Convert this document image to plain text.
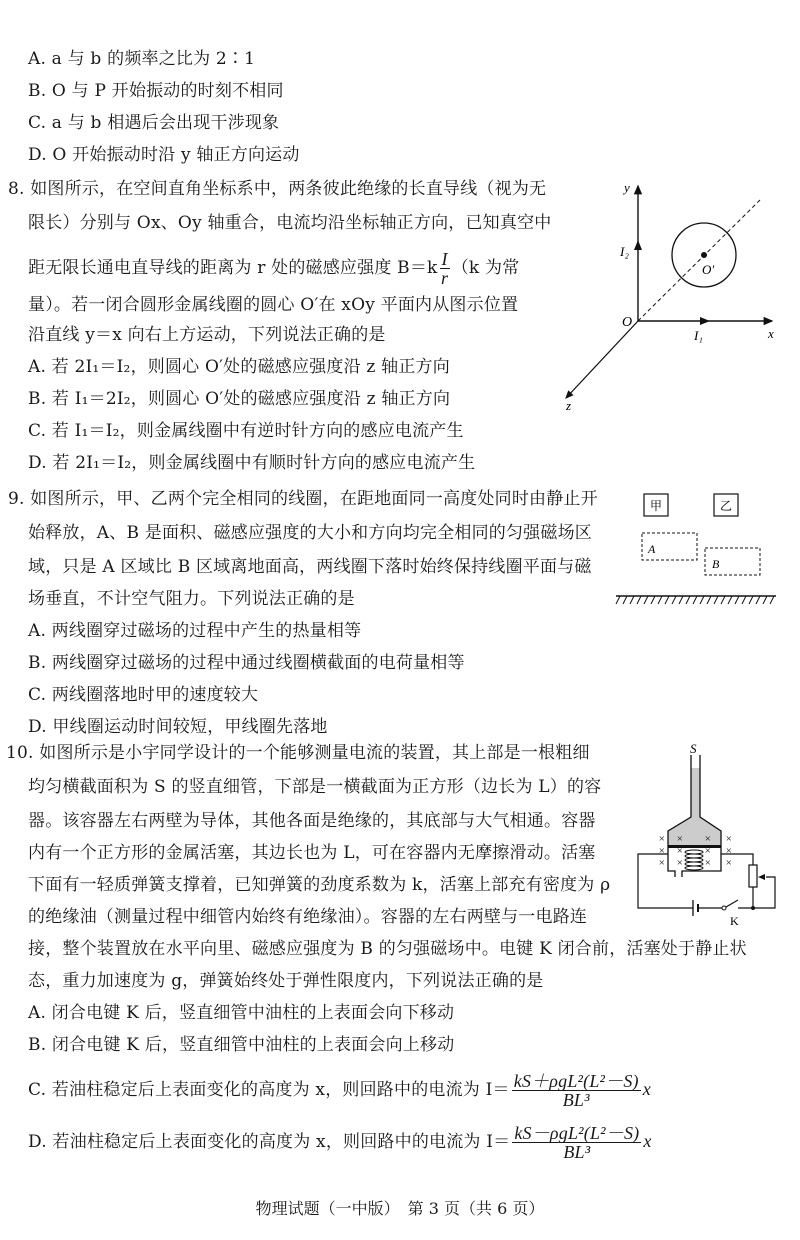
A. a 与 b 的频率之比为 2∶1
B. O 与 P 开始振动的时刻不相同
C. a 与 b 相遇后会出现干涉现象
D. O 开始振动时沿 y 轴正方向运动
8. 如图所示，在空间直角坐标系中，两条彼此绝缘的长直导线（视为无
限长）分别与 Ox、Oy 轴重合，电流均沿坐标轴正方向，已知真空中
距无限长通电直导线的距离为 r 处的磁感应强度 $B=k \frac{I}{r} (k$ 为常
量）。若一闭合圆形金属线圈的圆心 O′在 xOy 平面内从图示位置
沿直线 y＝x 向右上方运动，下列说法正确的是
A. 若 2I₁＝I₂，则圆心 O′处的磁感应强度沿 z 轴正方向
B. 若 I₁＝2I₂，则圆心 O′处的磁感应强度沿 z 轴正方向
C. 若 I₁＝I₂，则金属线圈中有逆时针方向的感应电流产生
D. 若 2I₁＝I₂，则金属线圈中有顺时针方向的感应电流产生
y
x
z
O
O′
I₁
I₂
9. 如图所示，甲、乙两个完全相同的线圈，在距地面同一高度处同时由静止开
始释放，A、B 是面积、磁感应强度的大小和方向均完全相同的匀强磁场区
域，只是 A 区域比 B 区域离地面高，两线圈下落时始终保持线圈平面与磁
场垂直，不计空气阻力。下列说法正确的是
A. 两线圈穿过磁场的过程中产生的热量相等
B. 两线圈穿过磁场的过程中通过线圈横截面的电荷量相等
C. 两线圈落地时甲的速度较大
D. 甲线圈运动时间较短，甲线圈先落地
甲	乙
A
B
10. 如图所示是小宇同学设计的一个能够测量电流的装置，其上部是一根粗细
均匀横截面积为 S 的竖直细管，下部是一横截面为正方形（边长为 L）的容
器。该容器左右两壁为导体，其他各面是绝缘的，其底部与大气相通。容器
内有一个正方形的金属活塞，其边长也为 L，可在容器内无摩擦滑动。活塞
下面有一轻质弹簧支撑着，已知弹簧的劲度系数为 k，活塞上部充有密度为 ρ
的绝缘油（测量过程中细管内始终有绝缘油）。容器的左右两壁与一电路连
接，整个装置放在水平向里、磁感应强度为 B 的匀强磁场中。电键 K 闭合前，活塞处于静止状
态，重力加速度为 g，弹簧始终处于弹性限度内，下列说法正确的是
A. 闭合电键 K 后，竖直细管中油柱的上表面会向下移动
B. 闭合电键 K 后，竖直细管中油柱的上表面会向上移动
C. 若油柱稳定后上表面变化的高度为 x，则回路中的电流为 $I= \frac{\text{kS＋ρgL²(L²－S)}}{\text{BL³}}$ x
D. 若油柱稳定后上表面变化的高度为 x，则回路中的电流为 $I= \frac{\text{kS－ρgL²(L²－S)}}{\text{BL³}}$ x
S
× × × ×
× × × ×
× × × ×
K
物理试题（一中版）　第 3 页（共 6 页）
